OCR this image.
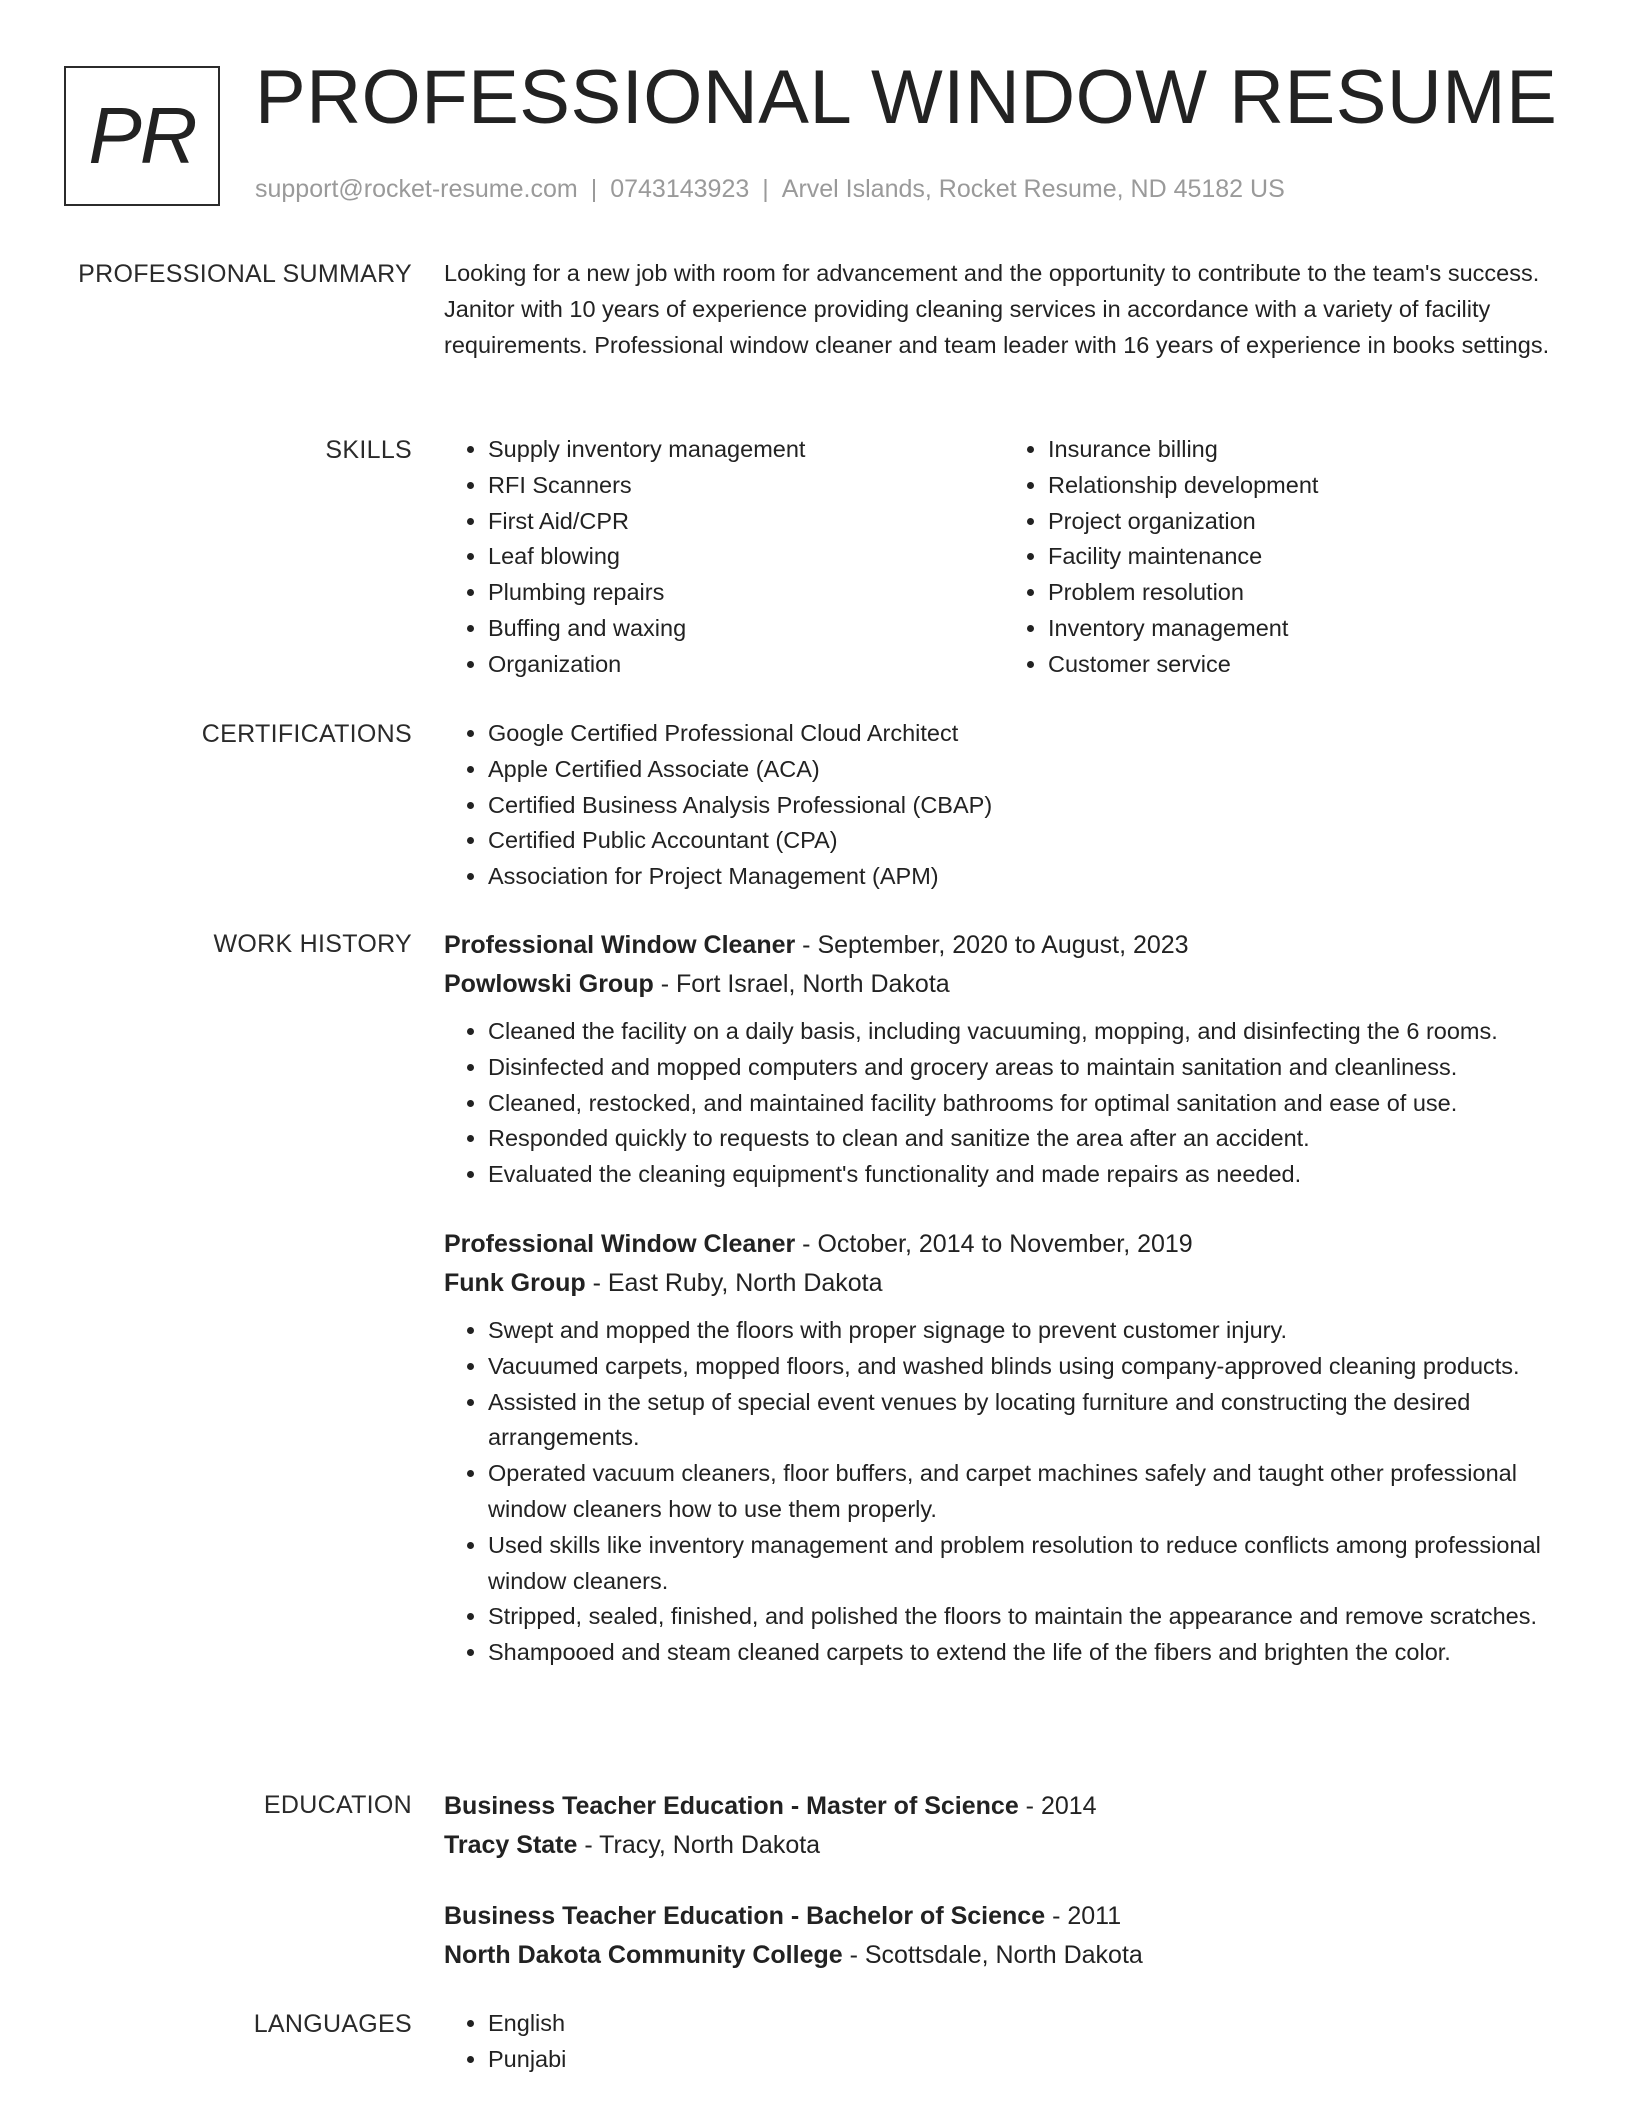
PR PROFESSIONAL WINDOW RESUME
support@rocket-resume.com | 0743143923 | Arvel Islands, Rocket Resume, ND 45182 US
PROFESSIONAL SUMMARY Looking for a new job with room for advancement and the opportunity to contribute to the team's success. Janitor with 10 years of experience providing cleaning services in accordance with a variety of facility requirements. Professional window cleaner and team leader with 16 years of experience in books settings.
SKILLS	• Supply inventory management
• RFI Scanners
• First Aid/CPR
• Leaf blowing
• Plumbing repairs
• Buffing and waxing
• Organization
• Insurance billing
• Relationship development
• Project organization
• Facility maintenance
• Problem resolution
• Inventory management
• Customer service
CERTIFICATIONS	• Google Certified Professional Cloud Architect
• Apple Certified Associate (ACA)
• Certified Business Analysis Professional (CBAP)
• Certified Public Accountant (CPA)
• Association for Project Management (APM)
WORK HISTORY Professional Window Cleaner - September, 2020 to August, 2023
Powlowski Group - Fort Israel, North Dakota
• Cleaned the facility on a daily basis, including vacuuming, mopping, and disinfecting the 6 rooms.
• Disinfected and mopped computers and grocery areas to maintain sanitation and cleanliness.
• Cleaned, restocked, and maintained facility bathrooms for optimal sanitation and ease of use.
• Responded quickly to requests to clean and sanitize the area after an accident.
• Evaluated the cleaning equipment's functionality and made repairs as needed.
Professional Window Cleaner - October, 2014 to November, 2019
Funk Group - East Ruby, North Dakota
• Swept and mopped the floors with proper signage to prevent customer injury.
• Vacuumed carpets, mopped floors, and washed blinds using company-approved cleaning products.
• Assisted in the setup of special event venues by locating furniture and constructing the desired arrangements.
• Operated vacuum cleaners, floor buffers, and carpet machines safely and taught other professional window cleaners how to use them properly.
• Used skills like inventory management and problem resolution to reduce conflicts among professional window cleaners.
• Stripped, sealed, finished, and polished the floors to maintain the appearance and remove scratches.
• Shampooed and steam cleaned carpets to extend the life of the fibers and brighten the color.
EDUCATION Business Teacher Education - Master of Science - 2014
Tracy State - Tracy, North Dakota
Business Teacher Education - Bachelor of Science - 2011
North Dakota Community College - Scottsdale, North Dakota
LANGUAGES	• English
• Punjabi
